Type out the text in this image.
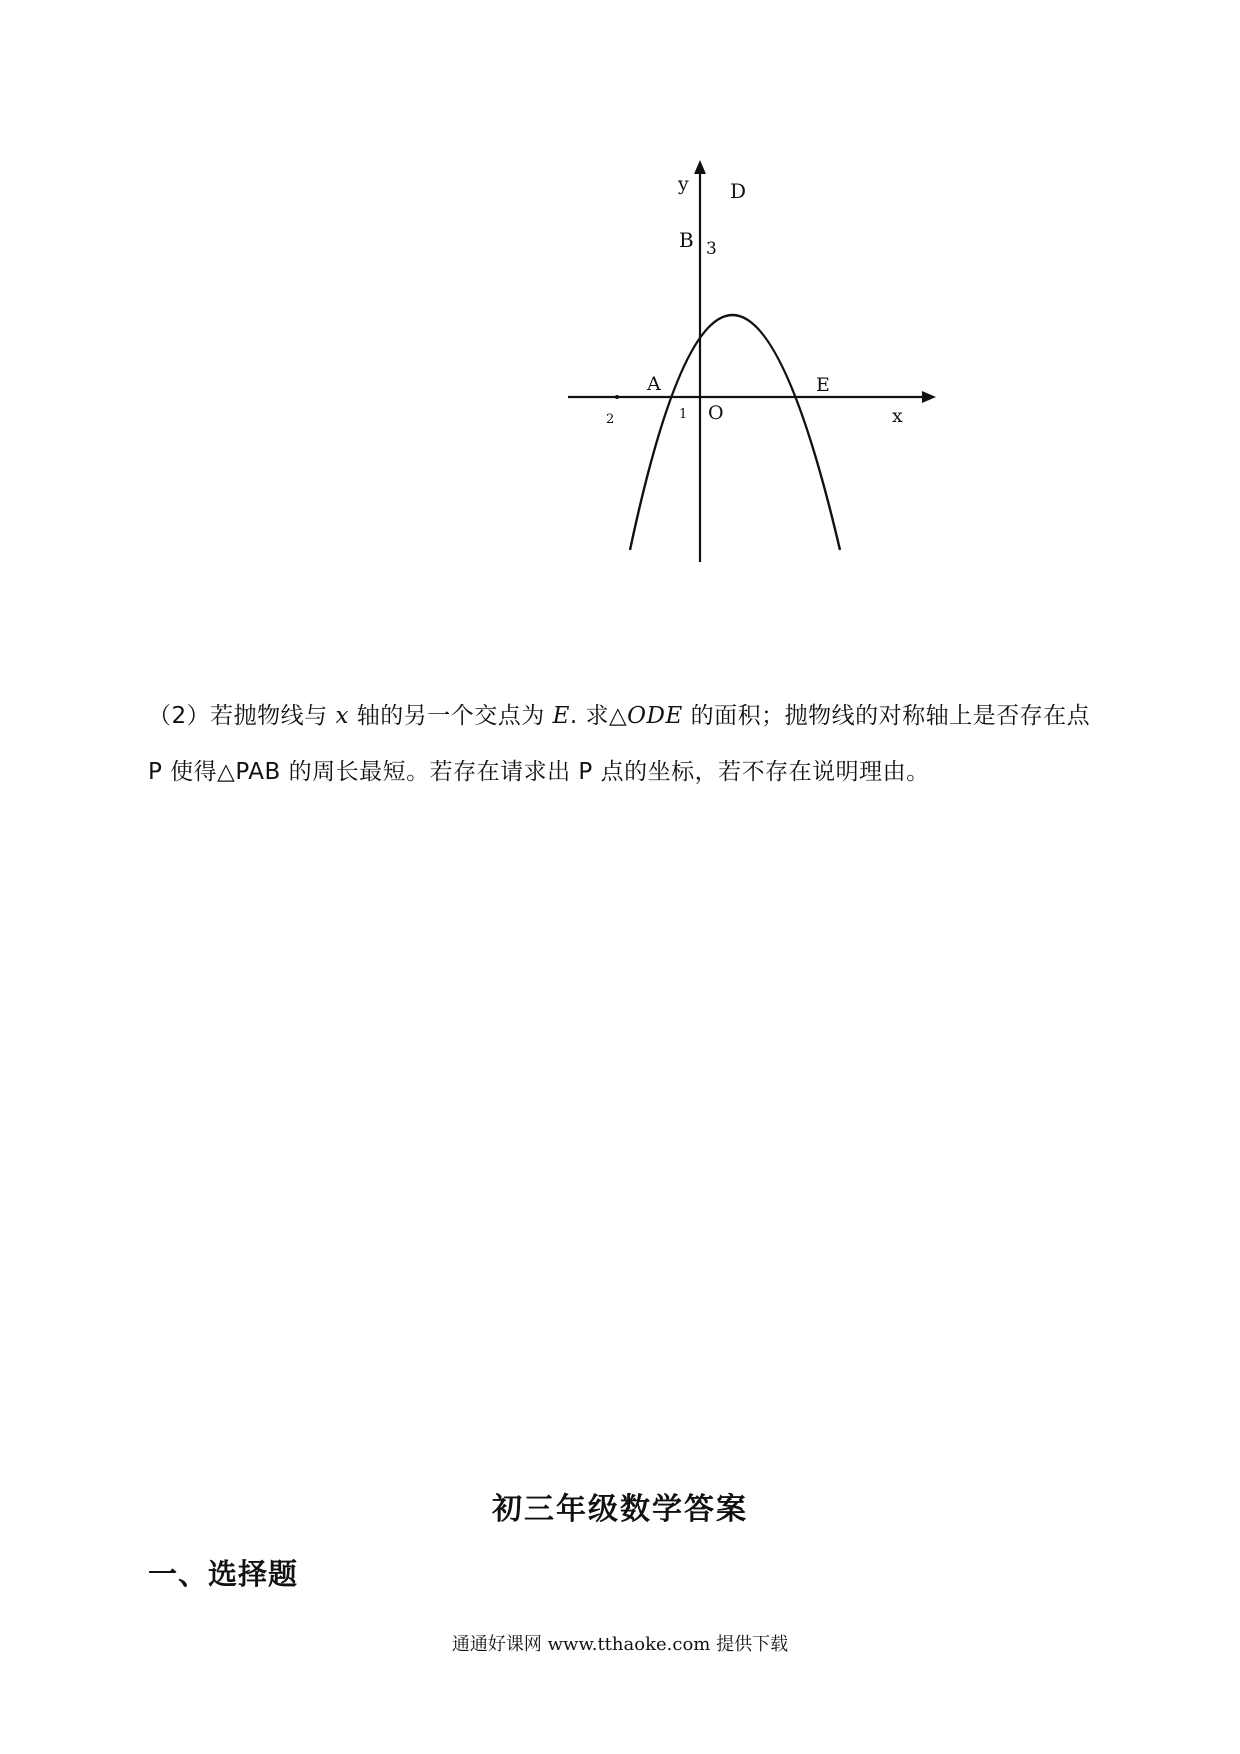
y
x
D
B 3
A	E
O
2	1
（2）若抛物线与 x 轴的另一个交点为 E. 求△ODE 的面积；抛物线的对称轴上是否存在点 P 使得△PAB 的周长最短。若存在请求出 P 点的坐标，若不存在说明理由。
初三年级数学答案
一、选择题
通通好课网 www.tthaoke.com 提供下载
